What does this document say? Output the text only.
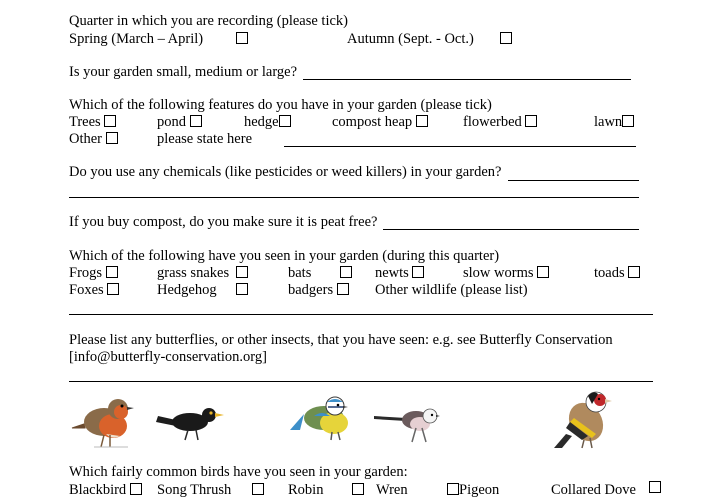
Quarter in which you are recording (please tick)
Spring (March – April)	Autumn (Sept. - Oct.)
Is your garden small, medium or large?
Which of the following features do you have in your garden (please tick)
Trees	pond	hedge	compost heap	flowerbed	lawn
Other	please state here
Do you use any chemicals (like pesticides or weed killers) in your garden?
If you buy compost, do you make sure it is peat free?
Which of the following have you seen in your garden (during this quarter)
Frogs	grass snakes	bats	newts	slow worms	toads
Foxes	Hedgehog	badgers	Other wildlife (please list)
Please list any butterflies, or other insects, that you have seen: e.g. see Butterfly Conservation
[info@butterfly-conservation.org]
Which fairly common birds have you seen in your garden:
Blackbird	Song Thrush	Robin	Wren	Pigeon	Collared Dove
